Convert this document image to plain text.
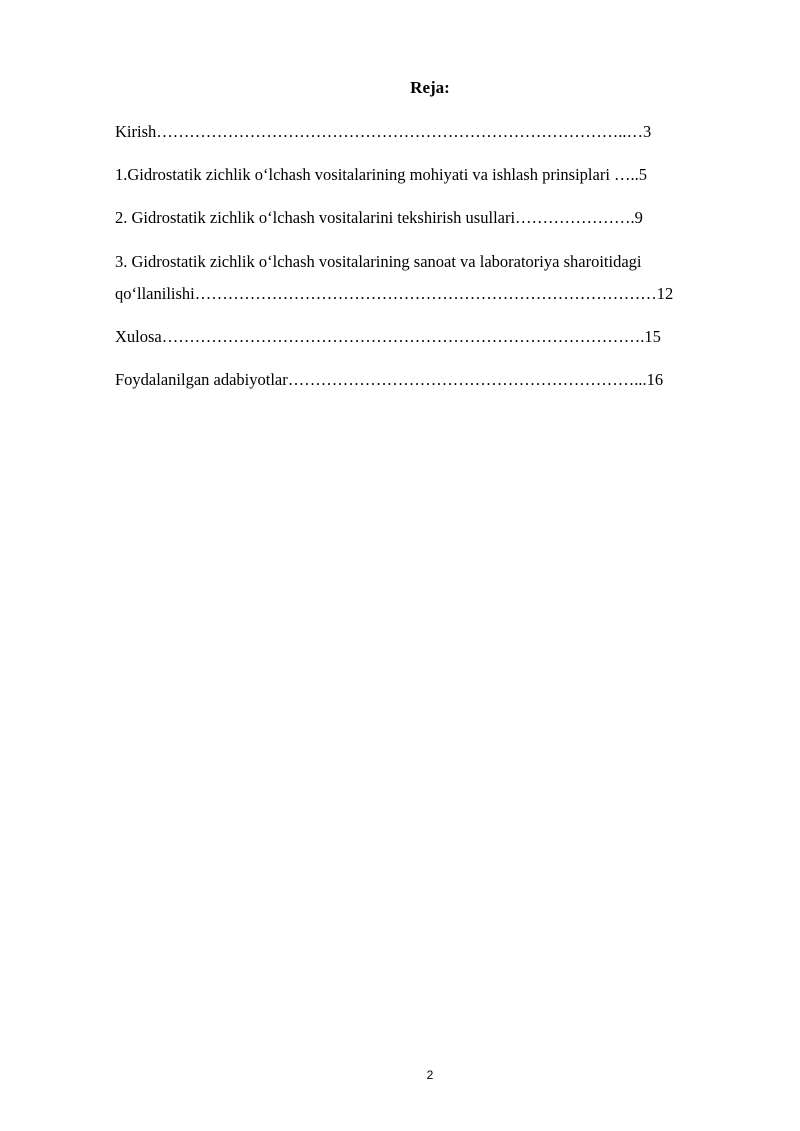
Reja:
Kirish…………………………………………………………………………..…3
1.Gidrostatik zichlik oʻlchash vositalarining mohiyati va ishlash prinsiplari …..5
2. Gidrostatik zichlik oʻlchash vositalarini tekshirish usullari………………….9
3. Gidrostatik zichlik oʻlchash vositalarining sanoat va laboratoriya sharoitidagi
qoʻllanilishi…………………………………………………………………………12
Xulosa…………………………………………………………………………….15
Foydalanilgan adabiyotlar………………………………………………………...16
2
